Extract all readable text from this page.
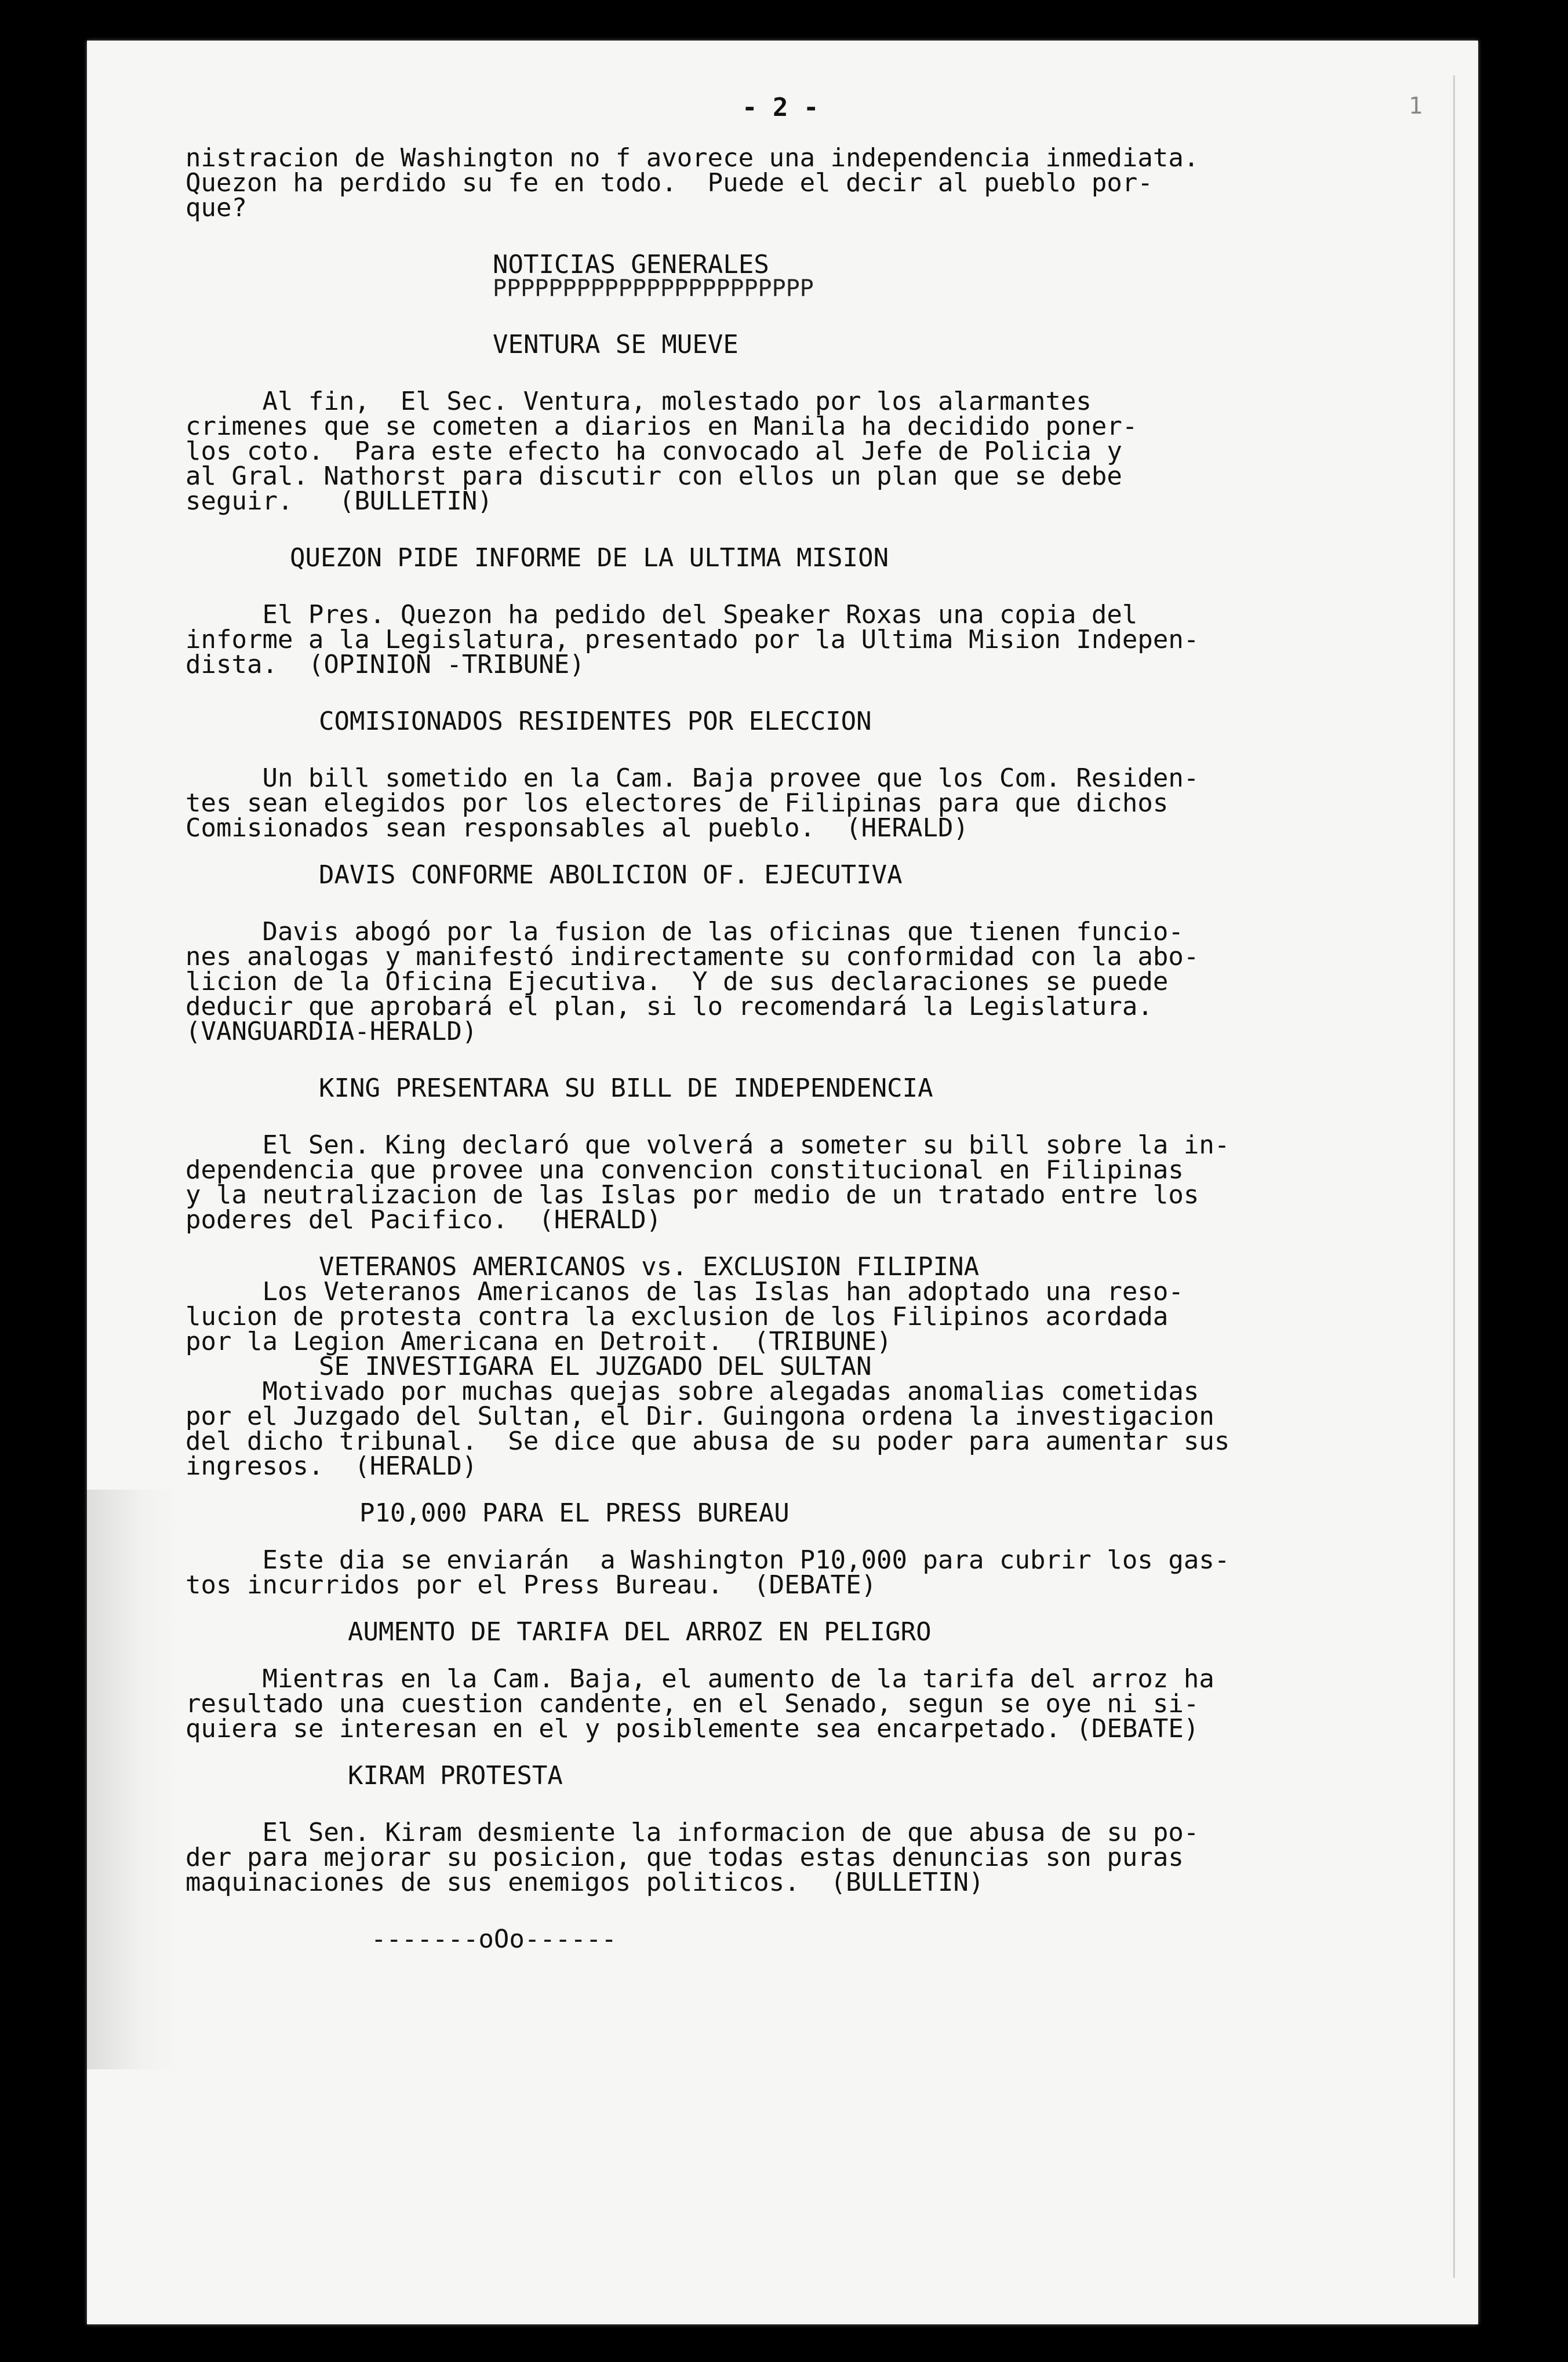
1
- 2 -

nistracion de Washington no f avorece una independencia inmediata.

Quezon ha perdido su fe en todo.  Puede el decir al pueblo por-

que?

NOTICIAS GENERALES

PPPPPPPPPPPPPPPPPPPPPPP

VENTURA SE MUEVE

Al fin,  El Sec. Ventura, molestado por los alarmantes

crimenes que se cometen a diarios en Manila ha decidido poner-

los coto.  Para este efecto ha convocado al Jefe de Policia y

al Gral. Nathorst para discutir con ellos un plan que se debe

seguir.   (BULLETIN)

QUEZON PIDE INFORME DE LA ULTIMA MISION

El Pres. Quezon ha pedido del Speaker Roxas una copia del

informe a la Legislatura, presentado por la Ultima Mision Indepen-

dista.  (OPINION -TRIBUNE)

COMISIONADOS RESIDENTES POR ELECCION

Un bill sometido en la Cam. Baja provee que los Com. Residen-

tes sean elegidos por los electores de Filipinas para que dichos

Comisionados sean responsables al pueblo.  (HERALD)

DAVIS CONFORME ABOLICION OF. EJECUTIVA

Davis abogó por la fusion de las oficinas que tienen funcio-

nes analogas y manifestó indirectamente su conformidad con la abo-

licion de la Oficina Ejecutiva.  Y de sus declaraciones se puede

deducir que aprobará el plan, si lo recomendará la Legislatura.

(VANGUARDIA-HERALD)

KING PRESENTARA SU BILL DE INDEPENDENCIA

El Sen. King declaró que volverá a someter su bill sobre la in-

dependencia que provee una convencion constitucional en Filipinas

y la neutralizacion de las Islas por medio de un tratado entre los

poderes del Pacifico.  (HERALD)

VETERANOS AMERICANOS vs. EXCLUSION FILIPINA

Los Veteranos Americanos de las Islas han adoptado una reso-

lucion de protesta contra la exclusion de los Filipinos acordada

por la Legion Americana en Detroit.  (TRIBUNE)

SE INVESTIGARA EL JUZGADO DEL SULTAN

Motivado por muchas quejas sobre alegadas anomalias cometidas

por el Juzgado del Sultan, el Dir. Guingona ordena la investigacion

del dicho tribunal.  Se dice que abusa de su poder para aumentar sus

ingresos.  (HERALD)

P10,000 PARA EL PRESS BUREAU

Este dia se enviarán  a Washington P10,000 para cubrir los gas-

tos incurridos por el Press Bureau.  (DEBATE)

AUMENTO DE TARIFA DEL ARROZ EN PELIGRO

Mientras en la Cam. Baja, el aumento de la tarifa del arroz ha

resultado una cuestion candente, en el Senado, segun se oye ni si-

quiera se interesan en el y posiblemente sea encarpetado. (DEBATE)

KIRAM PROTESTA

El Sen. Kiram desmiente la informacion de que abusa de su po-

der para mejorar su posicion, que todas estas denuncias son puras

maquinaciones de sus enemigos politicos.  (BULLETIN)

-------oOo------
